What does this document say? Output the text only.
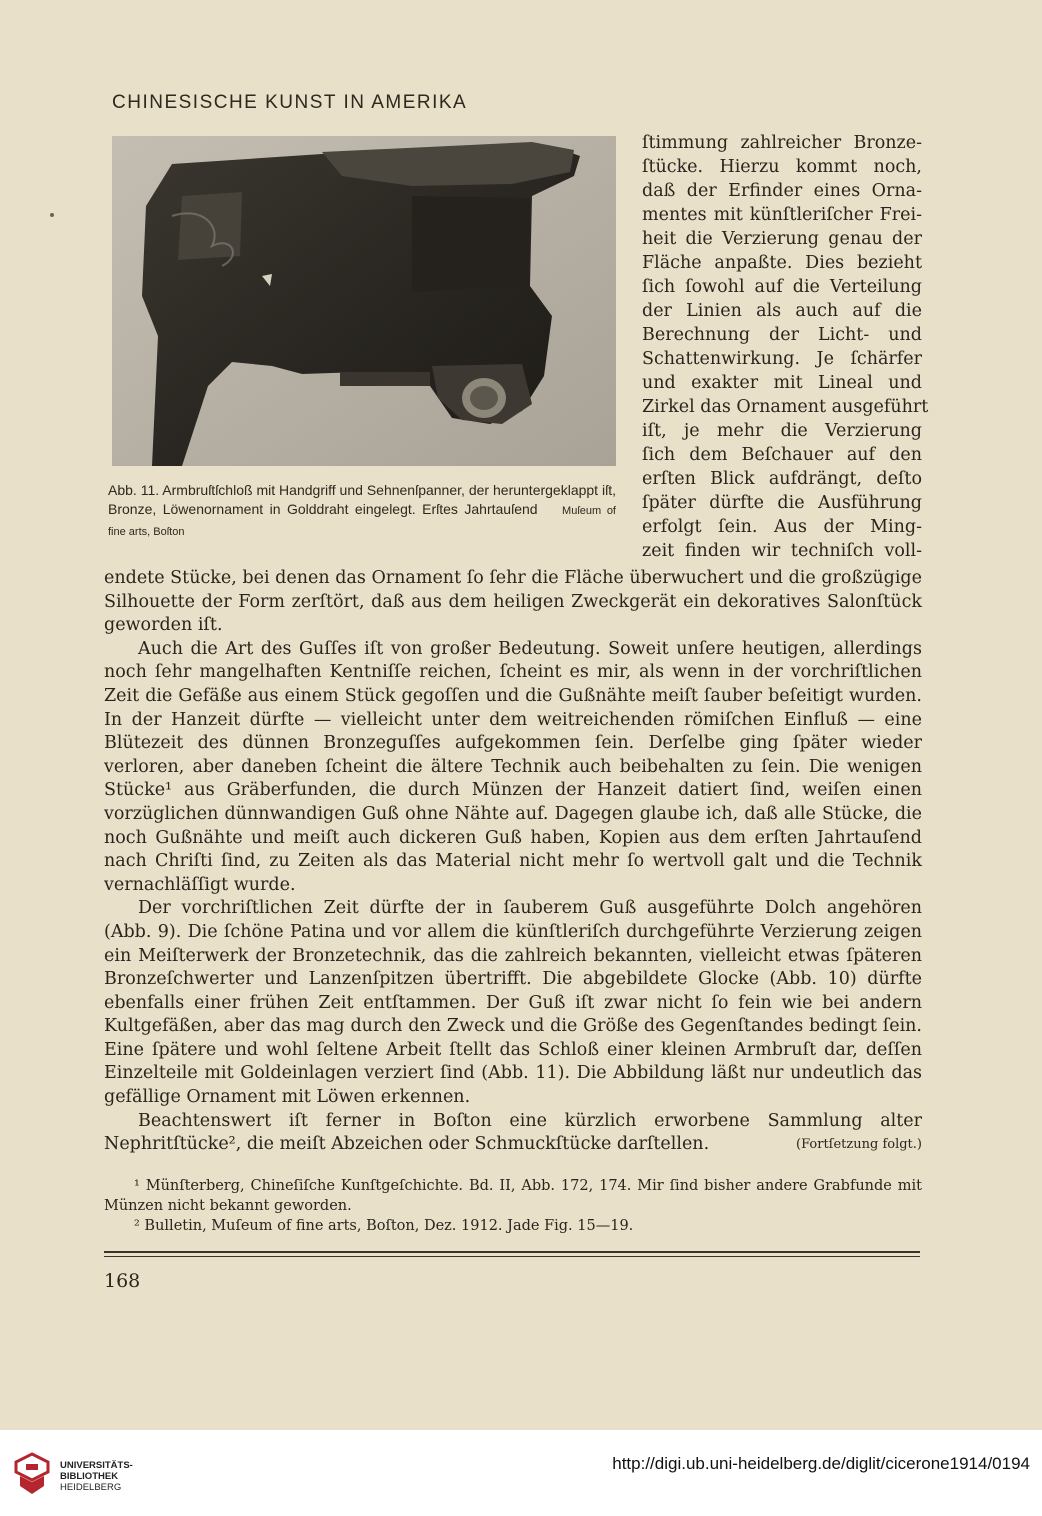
CHINESISCHE KUNST IN AMERIKA
Abb. 11. Armbruſtſchloß mit Handgriff und Sehnenſpanner, der heruntergeklappt iſt, Bronze, Löwenornament in Golddraht eingelegt. Erſtes Jahrtauſend Muſeum of fine arts, Boſton
ſtimmung zahlreicher Bronze-
ſtücke. Hierzu kommt noch,
daß der Erfinder eines Orna-
mentes mit künſtleriſcher Frei-
heit die Verzierung genau der
Fläche anpaßte. Dies bezieht
ſich ſowohl auf die Verteilung
der Linien als auch auf die
Berechnung der Licht- und
Schattenwirkung. Je ſchärfer
und exakter mit Lineal und
Zirkel das Ornament ausgeführt
iſt, je mehr die Verzierung
ſich dem Beſchauer auf den
erſten Blick aufdrängt, deſto
ſpäter dürfte die Ausführung
erfolgt ſein. Aus der Ming-
zeit finden wir techniſch voll-

endete Stücke, bei denen das Ornament ſo ſehr die Fläche überwuchert und die großzügige Silhouette der Form zerſtört, daß aus dem heiligen Zweckgerät ein dekoratives Salonſtück geworden iſt.

Auch die Art des Guſſes iſt von großer Bedeutung. Soweit unſere heutigen, allerdings noch ſehr mangelhaften Kentniſſe reichen, ſcheint es mir, als wenn in der vorchriſtlichen Zeit die Gefäße aus einem Stück gegoſſen und die Gußnähte meiſt ſauber beſeitigt wurden. In der Hanzeit dürfte — vielleicht unter dem weitreichenden römiſchen Einfluß — eine Blütezeit des dünnen Bronzeguſſes aufgekommen ſein. Derſelbe ging ſpäter wieder verloren, aber daneben ſcheint die ältere Technik auch beibehalten zu ſein. Die wenigen Stücke¹ aus Gräberfunden, die durch Münzen der Hanzeit datiert ſind, weiſen einen vorzüglichen dünnwandigen Guß ohne Nähte auf. Dagegen glaube ich, daß alle Stücke, die noch Gußnähte und meiſt auch dickeren Guß haben, Kopien aus dem erſten Jahrtauſend nach Chriſti ſind, zu Zeiten als das Material nicht mehr ſo wertvoll galt und die Technik vernachläſſigt wurde.

Der vorchriſtlichen Zeit dürfte der in ſauberem Guß ausgeführte Dolch angehören (Abb. 9). Die ſchöne Patina und vor allem die künſtleriſch durchgeführte Verzierung zeigen ein Meiſterwerk der Bronzetechnik, das die zahlreich bekannten, vielleicht etwas ſpäteren Bronzeſchwerter und Lanzenſpitzen übertrifft. Die abgebildete Glocke (Abb. 10) dürfte ebenfalls einer frühen Zeit entſtammen. Der Guß iſt zwar nicht ſo fein wie bei andern Kultgefäßen, aber das mag durch den Zweck und die Größe des Gegenſtandes bedingt ſein. Eine ſpätere und wohl ſeltene Arbeit ſtellt das Schloß einer kleinen Armbruſt dar, deſſen Einzelteile mit Goldeinlagen verziert ſind (Abb. 11). Die Abbildung läßt nur undeutlich das gefällige Ornament mit Löwen erkennen.

Beachtenswert iſt ferner in Boſton eine kürzlich erworbene Sammlung alter Nephritſtücke², die meiſt Abzeichen oder Schmuckſtücke darſtellen.	(Fortſetzung folgt.)

¹ Münſterberg, Chineſiſche Kunſtgeſchichte. Bd. II, Abb. 172, 174. Mir ſind bisher andere Grabfunde mit Münzen nicht bekannt geworden.

² Bulletin, Muſeum of fine arts, Boſton, Dez. 1912. Jade Fig. 15—19.

168
UNIVERSITÄTS-
BIBLIOTHEK
HEIDELBERG
http://digi.ub.uni-heidelberg.de/diglit/cicerone1914/0194
